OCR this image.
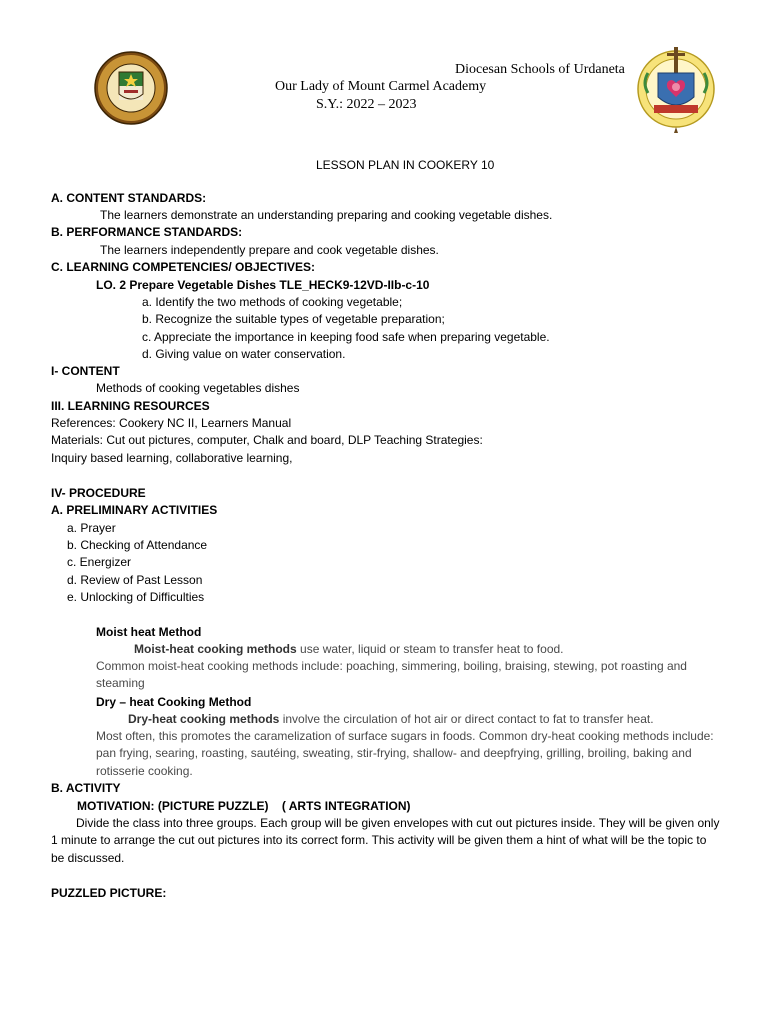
Diocesan Schools of Urdaneta
Our Lady of Mount Carmel Academy
S.Y.: 2022 – 2023
LESSON PLAN IN COOKERY 10
A. CONTENT STANDARDS:
The learners demonstrate an understanding preparing and cooking vegetable dishes.
B. PERFORMANCE STANDARDS:
The learners independently prepare and cook vegetable dishes.
C. LEARNING COMPETENCIES/ OBJECTIVES:
LO. 2 Prepare Vegetable Dishes TLE_HECK9-12VD-IIb-c-10
a. Identify the two methods of cooking vegetable;
b. Recognize the suitable types of vegetable preparation;
c. Appreciate the importance in keeping food safe when preparing vegetable.
d. Giving value on water conservation.
I- CONTENT
Methods of cooking vegetables dishes
III. LEARNING RESOURCES
References: Cookery NC II, Learners Manual
Materials: Cut out pictures, computer, Chalk and board, DLP Teaching Strategies:
Inquiry based learning, collaborative learning,
IV- PROCEDURE
A. PRELIMINARY ACTIVITIES
a. Prayer
b. Checking of Attendance
c. Energizer
d. Review of Past Lesson
e. Unlocking of Difficulties
Moist heat Method
Moist-heat cooking methods use water, liquid or steam to transfer heat to food.
Common moist-heat cooking methods include: poaching, simmering, boiling, braising, stewing, pot roasting and steaming
Dry – heat Cooking Method
Dry-heat cooking methods involve the circulation of hot air or direct contact to fat to transfer heat.
Most often, this promotes the caramelization of surface sugars in foods. Common dry-heat cooking methods include: pan frying, searing, roasting, sautéing, sweating, stir-frying, shallow- and deepfrying, grilling, broiling, baking and rotisserie cooking.
B. ACTIVITY
MOTIVATION: (PICTURE PUZZLE)    ( ARTS INTEGRATION)
Divide the class into three groups. Each group will be given envelopes with cut out pictures inside. They will be given only 1 minute to arrange the cut out pictures into its correct form. This activity will be given them a hint of what will be the topic to be discussed.
PUZZLED PICTURE:
